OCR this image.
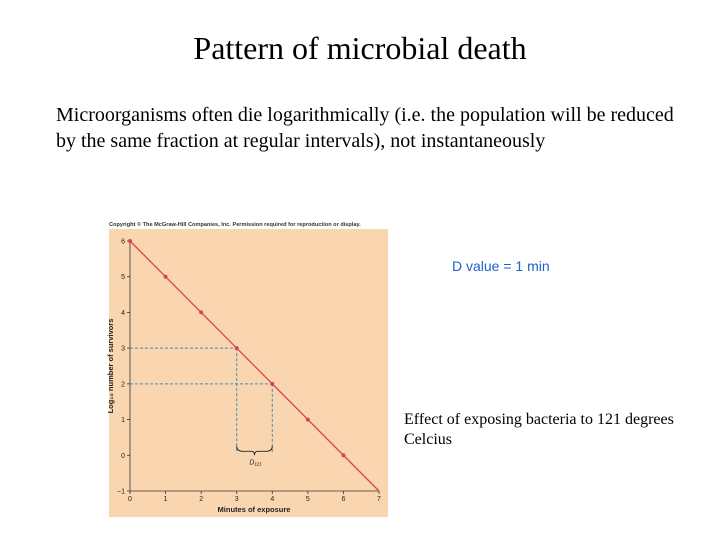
Pattern of microbial death
Microorganisms often die logarithmically (i.e. the population will be reduced by the same fraction at regular intervals), not instantaneously
Copyright © The McGraw-Hill Companies, Inc. Permission required for reproduction or display.
D value = 1 min
Effect of exposing bacteria to 121 degrees Celcius
0	1	2	3	4	5	6	7
−1
0
1
2
3
4
5
6
D₁₂₁
Minutes of exposure
Log₁₀ number of survivors
